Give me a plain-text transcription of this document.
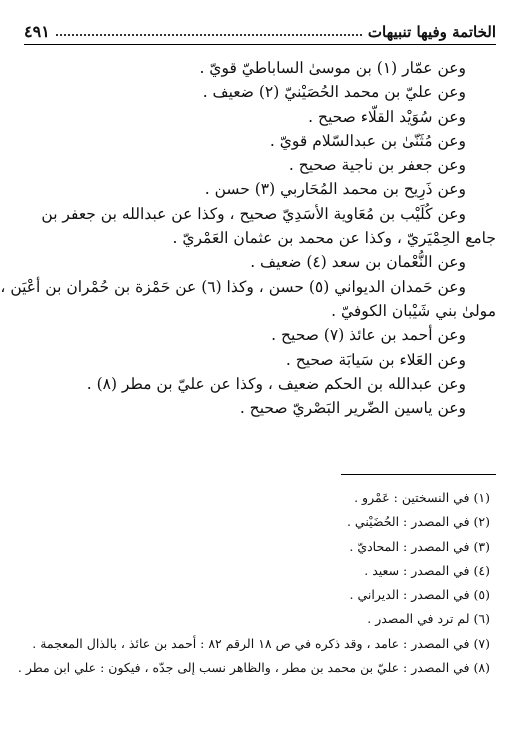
الخاتمة وفيها تنبيهات
٤٩١
وعن عمّار (١) بن موسىٰ الساباطيّ قويّ .
وعن عليّ بن محمد الحُصَيْنيّ (٢) ضعيف .
وعن سُوَيْد القلّاء صحيح .
وعن مُثَنّىٰ بن عبدالسّلام قويّ .
وعن جعفر بن ناجية صحيح .
وعن ذَرِيح بن محمد المُحَاربي (٣) حسن .
وعن كُلَيْب بن مُعَاوية الأسَدِيّ صحيح ، وكذا عن عبدالله بن جعفر بن
جامع الحِمْيَريّ ، وكذا عن محمد بن عثمان العَمْريّ .
وعن النُّعْمان بن سعد (٤) ضعيف .
وعن حَمدان الديواني (٥) حسن ، وكذا (٦) عن حَمْزة بن حُمْران بن أعْيَن ،
مولىٰ بني شَيْبان الكوفيّ .
وعن أحمد بن عائذ (٧) صحيح .
وعن العَلاء بن سَيابَة صحيح .
وعن عبدالله بن الحكم ضعيف ، وكذا عن عليّ بن مطر (٨) .
وعن ياسين الضّرير البَصْريّ صحيح .
(١) في النسختين : عَمْرو .
(٢) في المصدر : الحُضَيْني .
(٣) في المصدر : المحاديّ .
(٤) في المصدر : سعيد .
(٥) في المصدر : الديراني .
(٦) لم ترد في المصدر .
(٧) في المصدر : عامد ، وقد ذكره في ص ١٨ الرقم ٨٢ : أحمد بن عائذ ، بالذال المعجمة .
(٨) في المصدر : عليّ بن محمد بن مطر ، والظاهر نسب إلى جدّه ، فيكون : علي ابن مطر .
